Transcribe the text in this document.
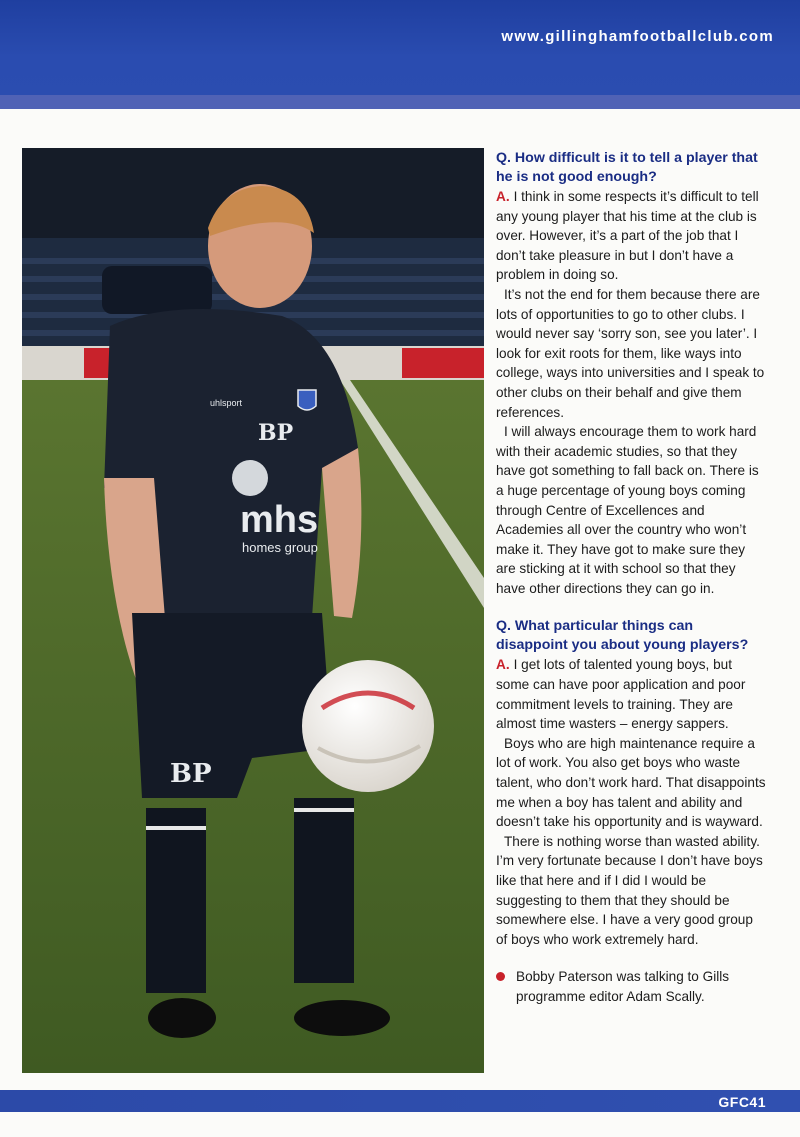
www.gillinghamfootballclub.com
mhs
homes group
BP
BP
uhlsport

Q. How difficult is it to tell a player that he is not good enough?

A. I think in some respects it’s difficult to tell any young player that his time at the club is over. However, it’s a part of the job that I don’t take pleasure in but I don’t have a problem in doing so.

It’s not the end for them because there are lots of opportunities to go to other clubs. I would never say ‘sorry son, see you later’. I look for exit roots for them, like ways into college, ways into universities and I speak to other clubs on their behalf and give them references.

I will always encourage them to work hard with their academic studies, so that they have got something to fall back on. There is a huge percentage of young boys coming through Centre of Excellences and Academies all over the country who won’t make it. They have got to make sure they are sticking at it with school so that they have other directions they can go in.

Q. What particular things can disappoint you about young players?

A. I get lots of talented young boys, but some can have poor application and poor commitment levels to training. They are almost time wasters – energy sappers.

Boys who are high maintenance require a lot of work. You also get boys who waste talent, who don’t work hard. That disappoints me when a boy has talent and ability and doesn’t take his opportunity and is wayward.

There is nothing worse than wasted ability. I’m very fortunate because I don’t have boys like that here and if I did I would be suggesting to them that they should be somewhere else. I have a very good group of boys who work extremely hard.

Bobby Paterson was talking to Gills programme editor Adam Scally.
GFC41
